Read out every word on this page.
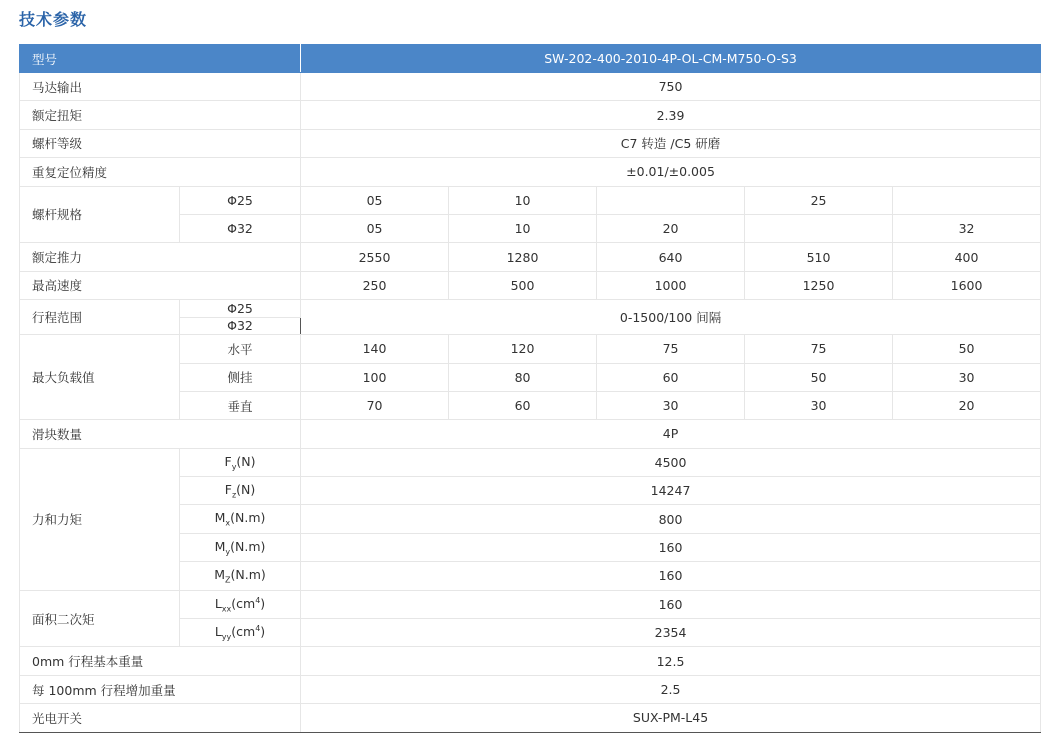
技术参数
型号		SW-202-400-2010-4P-OL-CM-M750-O-S3				
马达输出		750				
额定扭矩		2.39				
螺杆等级		C7 转造 /C5 研磨				
重复定位精度		±0.01/±0.005				
螺杆规格	Φ25	05	10		25	
	Φ32	05	10	20		32
额定推力		2550	1280	640	510	400
最高速度		250	500	1000	1250	1600
行程范围	Φ25	0-1500/100 间隔				
	Φ32					
最大负载值	水平	140	120	75	75	50
	侧挂	100	80	60	50	30
	垂直	70	60	30	30	20
滑块数量		4P				
力和力矩	$F_y(N)$	4500				
	$F_z(N)$	14247				
	$M_x(N.m)$	800				
	$M_y(N.m)$	160				
	$M_Z(N.m)$	160				
面积二次矩	$L_{xx}(cm^4)$	160				
	$L_{yy}(cm^4)$	2354				
0mm 行程基本重量		12.5				
每 100mm 行程增加重量		2.5				
光电开关		SUX-PM-L45				
